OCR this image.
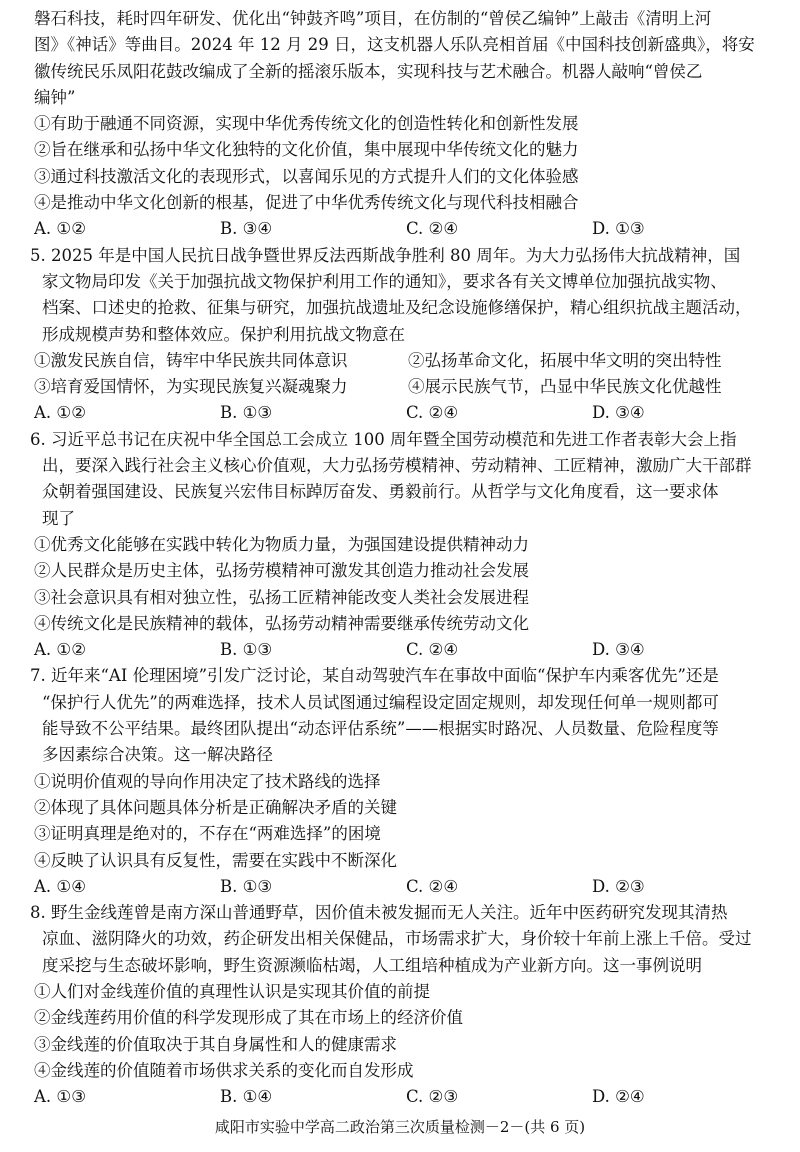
磐石科技，耗时四年研发、优化出“钟鼓齐鸣”项目，在仿制的“曾侯乙编钟”上敲击《清明上河
图》《神话》等曲目。2024 年 12 月 29 日，这支机器人乐队亮相首届《中国科技创新盛典》，将安
徽传统民乐凤阳花鼓改编成了全新的摇滚乐版本，实现科技与艺术融合。机器人敲响“曾侯乙
编钟”
①有助于融通不同资源，实现中华优秀传统文化的创造性转化和创新性发展
②旨在继承和弘扬中华文化独特的文化价值，集中展现中华传统文化的魅力
③通过科技激活文化的表现形式，以喜闻乐见的方式提升人们的文化体验感
④是推动中华文化创新的根基，促进了中华优秀传统文化与现代科技相融合
A. ①②	B. ③④	C. ②④	D. ①③
5. 2025 年是中国人民抗日战争暨世界反法西斯战争胜利 80 周年。为大力弘扬伟大抗战精神，国
家文物局印发《关于加强抗战文物保护利用工作的通知》，要求各有关文博单位加强抗战实物、
档案、口述史的抢救、征集与研究，加强抗战遗址及纪念设施修缮保护，精心组织抗战主题活动，
形成规模声势和整体效应。保护利用抗战文物意在
①激发民族自信，铸牢中华民族共同体意识	②弘扬革命文化，拓展中华文明的突出特性
③培育爱国情怀，为实现民族复兴凝魂聚力	④展示民族气节，凸显中华民族文化优越性
A. ①②	B. ①③	C. ②④	D. ③④
6. 习近平总书记在庆祝中华全国总工会成立 100 周年暨全国劳动模范和先进工作者表彰大会上指
出，要深入践行社会主义核心价值观，大力弘扬劳模精神、劳动精神、工匠精神，激励广大干部群
众朝着强国建设、民族复兴宏伟目标踔厉奋发、勇毅前行。从哲学与文化角度看，这一要求体
现了
①优秀文化能够在实践中转化为物质力量，为强国建设提供精神动力
②人民群众是历史主体，弘扬劳模精神可激发其创造力推动社会发展
③社会意识具有相对独立性，弘扬工匠精神能改变人类社会发展进程
④传统文化是民族精神的载体，弘扬劳动精神需要继承传统劳动文化
A. ①②	B. ①③	C. ②④	D. ③④
7. 近年来“AI 伦理困境”引发广泛讨论，某自动驾驶汽车在事故中面临“保护车内乘客优先”还是
“保护行人优先”的两难选择，技术人员试图通过编程设定固定规则，却发现任何单一规则都可
能导致不公平结果。最终团队提出“动态评估系统”——根据实时路况、人员数量、危险程度等
多因素综合决策。这一解决路径
①说明价值观的导向作用决定了技术路线的选择
②体现了具体问题具体分析是正确解决矛盾的关键
③证明真理是绝对的，不存在“两难选择”的困境
④反映了认识具有反复性，需要在实践中不断深化
A. ①④	B. ①③	C. ②④	D. ②③
8. 野生金线莲曾是南方深山普通野草，因价值未被发掘而无人关注。近年中医药研究发现其清热
凉血、滋阴降火的功效，药企研发出相关保健品，市场需求扩大，身价较十年前上涨上千倍。受过
度采挖与生态破坏影响，野生资源濒临枯竭，人工组培种植成为产业新方向。这一事例说明
①人们对金线莲价值的真理性认识是实现其价值的前提
②金线莲药用价值的科学发现形成了其在市场上的经济价值
③金线莲的价值取决于其自身属性和人的健康需求
④金线莲的价值随着市场供求关系的变化而自发形成
A. ①③	B. ①④	C. ②③	D. ②④
咸阳市实验中学高二政治第三次质量检测－2－(共 6 页)
